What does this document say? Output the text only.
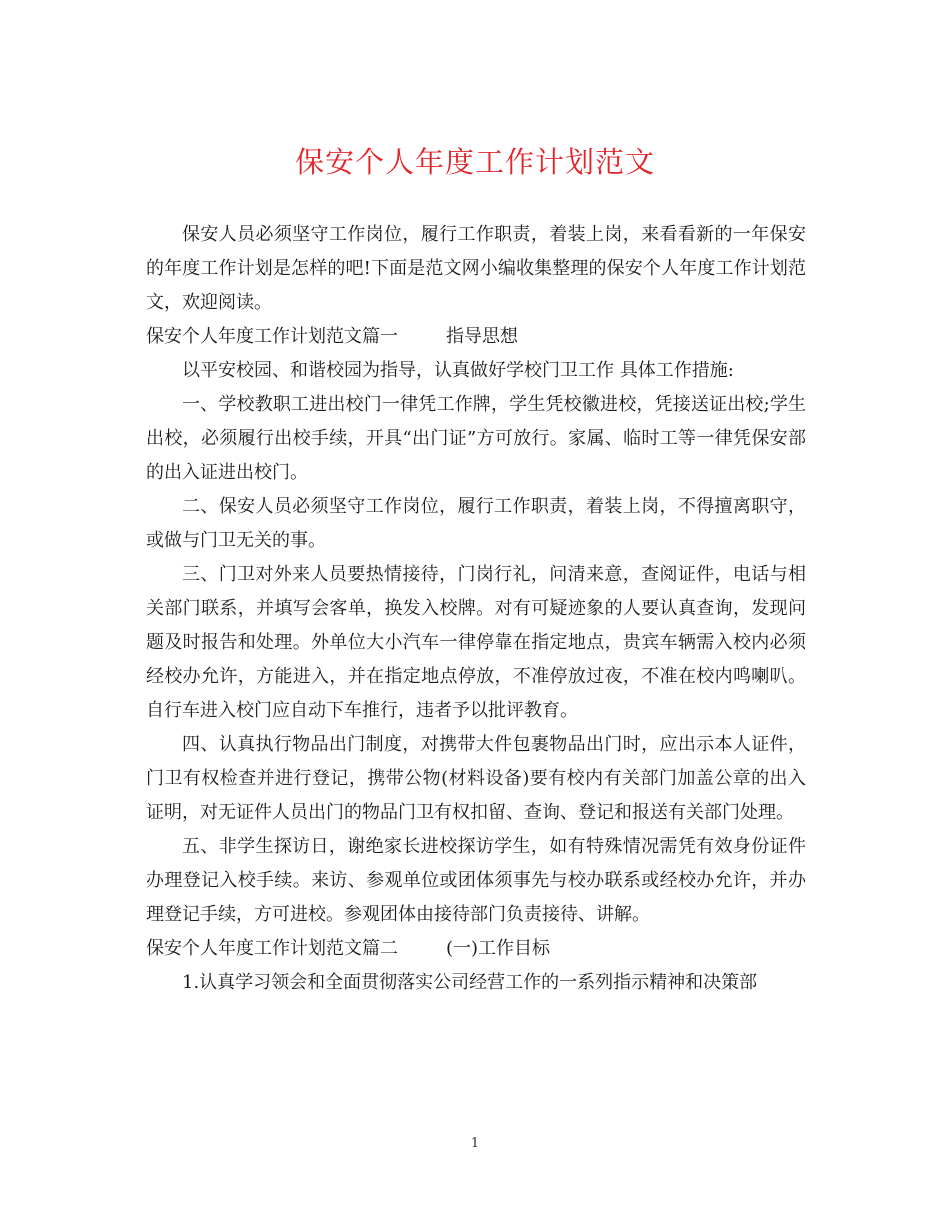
保安个人年度工作计划范文

保安人员必须坚守工作岗位，履行工作职责，着装上岗，来看看新的一年保安的年度工作计划是怎样的吧!下面是范文网小编收集整理的保安个人年度工作计划范文，欢迎阅读。

保安个人年度工作计划范文篇一	指导思想

以平安校园、和谐校园为指导，认真做好学校门卫工作 具体工作措施:

一、学校教职工进出校门一律凭工作牌，学生凭校徽进校，凭接送证出校;学生出校，必须履行出校手续，开具“出门证”方可放行。家属、临时工等一律凭保安部的出入证进出校门。

二、保安人员必须坚守工作岗位，履行工作职责，着装上岗，不得擅离职守，或做与门卫无关的事。

三、门卫对外来人员要热情接待，门岗行礼，问清来意，查阅证件，电话与相关部门联系，并填写会客单，换发入校牌。对有可疑迹象的人要认真查询，发现问题及时报告和处理。外单位大小汽车一律停靠在指定地点，贵宾车辆需入校内必须经校办允许，方能进入，并在指定地点停放，不准停放过夜，不准在校内鸣喇叭。自行车进入校门应自动下车推行，违者予以批评教育。

四、认真执行物品出门制度，对携带大件包裹物品出门时，应出示本人证件，门卫有权检查并进行登记，携带公物(材料设备)要有校内有关部门加盖公章的出入证明，对无证件人员出门的物品门卫有权扣留、查询、登记和报送有关部门处理。

五、非学生探访日，谢绝家长进校探访学生，如有特殊情况需凭有效身份证件办理登记入校手续。来访、参观单位或团体须事先与校办联系或经校办允许，并办理登记手续，方可进校。参观团体由接待部门负责接待、讲解。

保安个人年度工作计划范文篇二	(一)工作目标

1.认真学习领会和全面贯彻落实公司经营工作的一系列指示精神和决策部

1
